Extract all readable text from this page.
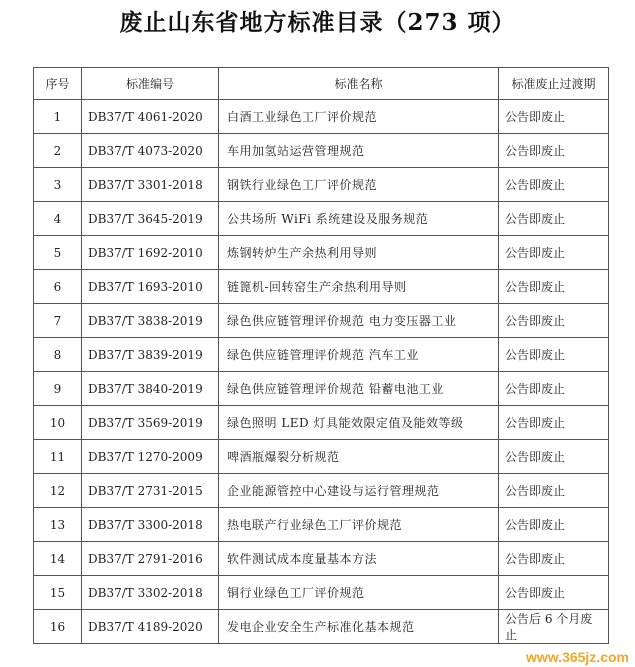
废止山东省地方标准目录（273 项）
序号	标准编号	标准名称	标准废止过渡期
1	DB37/T 4061-2020	白酒工业绿色工厂评价规范	公告即废止
2	DB37/T 4073-2020	车用加氢站运营管理规范	公告即废止
3	DB37/T 3301-2018	钢铁行业绿色工厂评价规范	公告即废止
4	DB37/T 3645-2019	公共场所 WiFi 系统建设及服务规范	公告即废止
5	DB37/T 1692-2010	炼钢转炉生产余热利用导则	公告即废止
6	DB37/T 1693-2010	链篦机-回转窑生产余热利用导则	公告即废止
7	DB37/T 3838-2019	绿色供应链管理评价规范 电力变压器工业	公告即废止
8	DB37/T 3839-2019	绿色供应链管理评价规范 汽车工业	公告即废止
9	DB37/T 3840-2019	绿色供应链管理评价规范 铅蓄电池工业	公告即废止
10	DB37/T 3569-2019	绿色照明 LED 灯具能效限定值及能效等级	公告即废止
11	DB37/T 1270-2009	啤酒瓶爆裂分析规范	公告即废止
12	DB37/T 2731-2015	企业能源管控中心建设与运行管理规范	公告即废止
13	DB37/T 3300-2018	热电联产行业绿色工厂评价规范	公告即废止
14	DB37/T 2791-2016	软件测试成本度量基本方法	公告即废止
15	DB37/T 3302-2018	铜行业绿色工厂评价规范	公告即废止
16	DB37/T 4189-2020	发电企业安全生产标准化基本规范	公告后 6 个月废止
www.365jz.com
